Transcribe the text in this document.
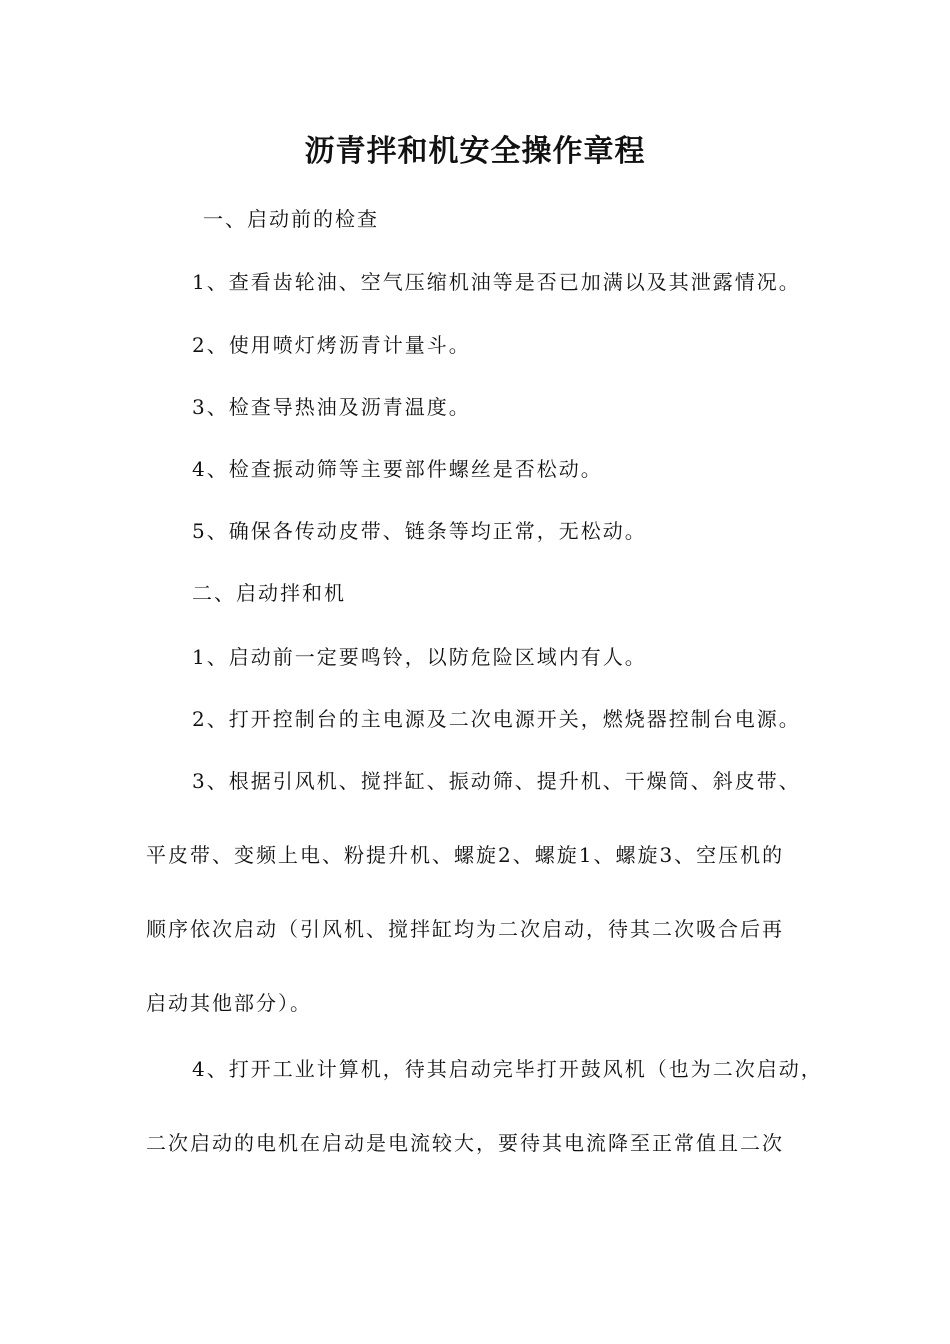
沥青拌和机安全操作章程

一、启动前的检查

1、查看齿轮油、空气压缩机油等是否已加满以及其泄露情况。

2、使用喷灯烤沥青计量斗。

3、检查导热油及沥青温度。

4、检查振动筛等主要部件螺丝是否松动。

5、确保各传动皮带、链条等均正常，无松动。

二、启动拌和机

1、启动前一定要鸣铃，以防危险区域内有人。

2、打开控制台的主电源及二次电源开关，燃烧器控制台电源。

3、根据引风机、搅拌缸、振动筛、提升机、干燥筒、斜皮带、

平皮带、变频上电、粉提升机、螺旋2、螺旋1、螺旋3、空压机的

顺序依次启动（引风机、搅拌缸均为二次启动，待其二次吸合后再

启动其他部分）。

4、打开工业计算机，待其启动完毕打开鼓风机（也为二次启动，

二次启动的电机在启动是电流较大，要待其电流降至正常值且二次
